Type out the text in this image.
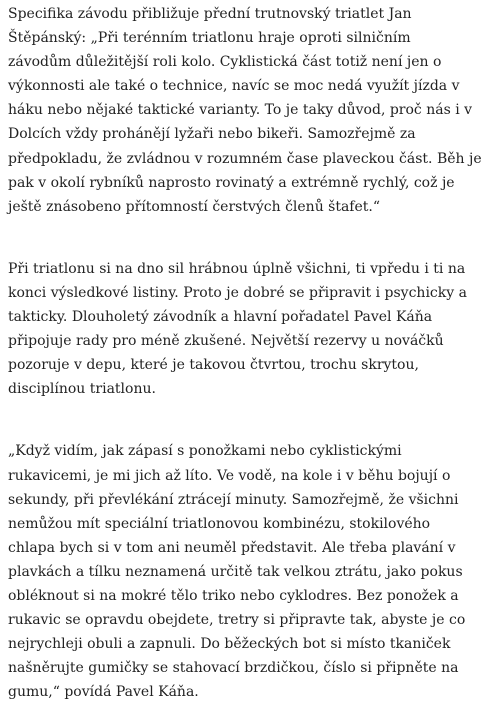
Specifika závodu přibližuje přední trutnovský triatlet Jan
Štěpánský: „Při terénním triatlonu hraje oproti silničním
závodům důležitější roli kolo. Cyklistická část totiž není jen o
výkonnosti ale také o technice, navíc se moc nedá využít jízda v
háku nebo nějaké taktické varianty. To je taky důvod, proč nás i v
Dolcích vždy prohánějí lyžaři nebo bikeři. Samozřejmě za
předpokladu, že zvládnou v rozumném čase plaveckou část. Běh je
pak v okolí rybníků naprosto rovinatý a extrémně rychlý, což je
ještě znásobeno přítomností čerstvých členů štafet.“

Při triatlonu si na dno sil hrábnou úplně všichni, ti vpředu i ti na
konci výsledkové listiny. Proto je dobré se připravit i psychicky a
takticky. Dlouholetý závodník a hlavní pořadatel Pavel Káňa
připojuje rady pro méně zkušené. Největší rezervy u nováčků
pozoruje v depu, které je takovou čtvrtou, trochu skrytou,
disciplínou triatlonu.

„Když vidím, jak zápasí s ponožkami nebo cyklistickými
rukavicemi, je mi jich až líto. Ve vodě, na kole i v běhu bojují o
sekundy, při převlékání ztrácejí minuty. Samozřejmě, že všichni
nemůžou mít speciální triatlonovou kombinézu, stokilového
chlapa bych si v tom ani neuměl představit. Ale třeba plavání v
plavkách a tílku neznamená určitě tak velkou ztrátu, jako pokus
obléknout si na mokré tělo triko nebo cyklodres. Bez ponožek a
rukavic se opravdu obejdete, tretry si připravte tak, abyste je co
nejrychleji obuli a zapnuli. Do běžeckých bot si místo tkaniček
našněrujte gumičky se stahovací brzdičkou, číslo si připněte na
gumu,“ povídá Pavel Káňa.
